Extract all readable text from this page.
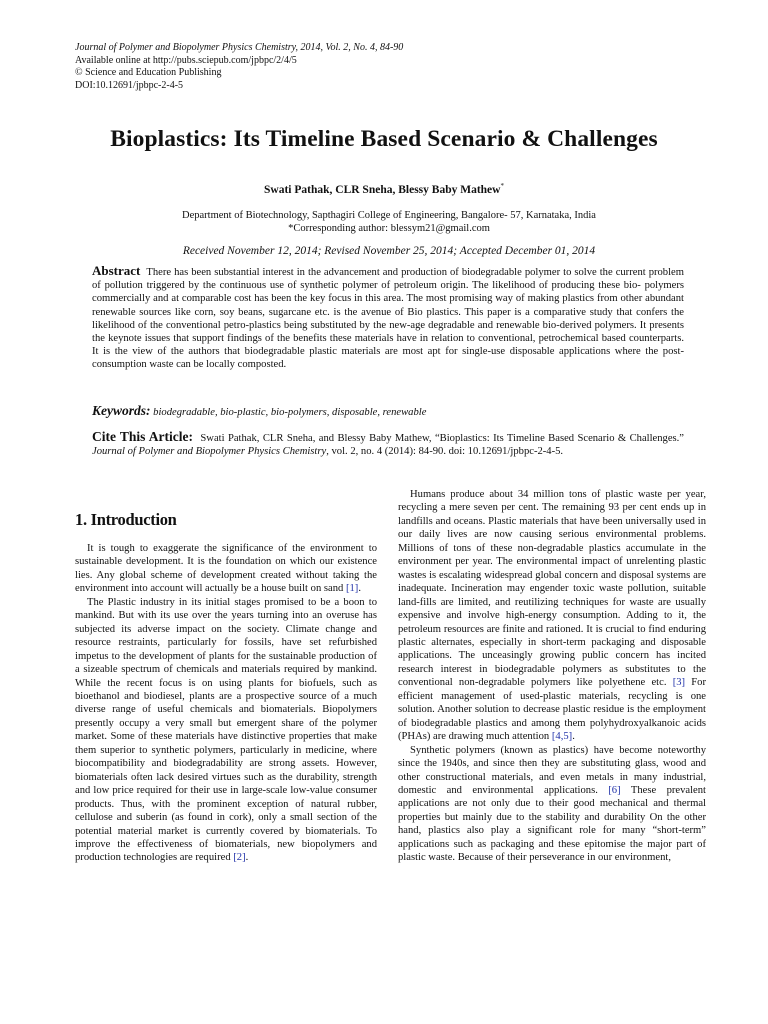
Journal of Polymer and Biopolymer Physics Chemistry, 2014, Vol. 2, No. 4, 84-90
Available online at http://pubs.sciepub.com/jpbpc/2/4/5
© Science and Education Publishing
DOI:10.12691/jpbpc-2-4-5
Bioplastics: Its Timeline Based Scenario & Challenges
Swati Pathak, CLR Sneha, Blessy Baby Mathew*
Department of Biotechnology, Sapthagiri College of Engineering, Bangalore- 57, Karnataka, India
*Corresponding author: blessym21@gmail.com
Received November 12, 2014; Revised November 25, 2014; Accepted December 01, 2014
Abstract There has been substantial interest in the advancement and production of biodegradable polymer to solve the current problem of pollution triggered by the continuous use of synthetic polymer of petroleum origin. The likelihood of producing these bio- polymers commercially and at comparable cost has been the key focus in this area. The most promising way of making plastics from other abundant renewable sources like corn, soy beans, sugarcane etc. is the avenue of Bio plastics. This paper is a comparative study that confers the likelihood of the conventional petro-plastics being substituted by the new-age degradable and renewable bio-derived polymers. It presents the keynote issues that support findings of the benefits these materials have in relation to conventional, petrochemical based counterparts. It is the view of the authors that biodegradable plastic materials are most apt for single-use disposable applications where the post-consumption waste can be locally composted.
Keywords: biodegradable, bio-plastic, bio-polymers, disposable, renewable
Cite This Article: Swati Pathak, CLR Sneha, and Blessy Baby Mathew, “Bioplastics: Its Timeline Based Scenario & Challenges.” Journal of Polymer and Biopolymer Physics Chemistry, vol. 2, no. 4 (2014): 84-90. doi: 10.12691/jpbpc-2-4-5.
1. Introduction

It is tough to exaggerate the significance of the environment to sustainable development. It is the foundation on which our existence lies. Any global scheme of development created without taking the environment into account will actually be a house built on sand [1].

The Plastic industry in its initial stages promised to be a boon to mankind. But with its use over the years turning into an overuse has subjected its adverse impact on the society. Climate change and resource restraints, particularly for fossils, have set refurbished impetus to the development of plants for the sustainable production of a sizeable spectrum of chemicals and materials required by mankind. While the recent focus is on using plants for biofuels, such as bioethanol and biodiesel, plants are a prospective source of a much diverse range of useful chemicals and biomaterials. Biopolymers presently occupy a very small but emergent share of the polymer market. Some of these materials have distinctive properties that make them superior to synthetic polymers, particularly in medicine, where biocompatibility and biodegradability are strong assets. However, biomaterials often lack desired virtues such as the durability, strength and low price required for their use in large-scale low-value consumer products. Thus, with the prominent exception of natural rubber, cellulose and suberin (as found in cork), only a small section of the potential material market is currently covered by biomaterials. To improve the effectiveness of biomaterials, new biopolymers and production technologies are required [2].

Humans produce about 34 million tons of plastic waste per year, recycling a mere seven per cent. The remaining 93 per cent ends up in landfills and oceans. Plastic materials that have been universally used in our daily lives are now causing serious environmental problems. Millions of tons of these non-degradable plastics accumulate in the environment per year. The environmental impact of unrelenting plastic wastes is escalating widespread global concern and disposal systems are inadequate. Incineration may engender toxic waste pollution, suitable land-fills are limited, and reutilizing techniques for waste are usually expensive and involve high-energy consumption. Adding to it, the petroleum resources are finite and rationed. It is crucial to find enduring plastic alternates, especially in short-term packaging and disposable applications. The unceasingly growing public concern has incited research interest in biodegradable polymers as substitutes to the conventional non-degradable polymers like polyethene etc. [3] For efficient management of used-plastic materials, recycling is one solution. Another solution to decrease plastic residue is the employment of biodegradable plastics and among them polyhydroxyalkanoic acids (PHAs) are drawing much attention [4,5].

Synthetic polymers (known as plastics) have become noteworthy since the 1940s, and since then they are substituting glass, wood and other constructional materials, and even metals in many industrial, domestic and environmental applications. [6] These prevalent applications are not only due to their good mechanical and thermal properties but mainly due to the stability and durability On the other hand, plastics also play a significant role for many “short-term” applications such as packaging and these epitomise the major part of plastic waste. Because of their perseverance in our environment,
